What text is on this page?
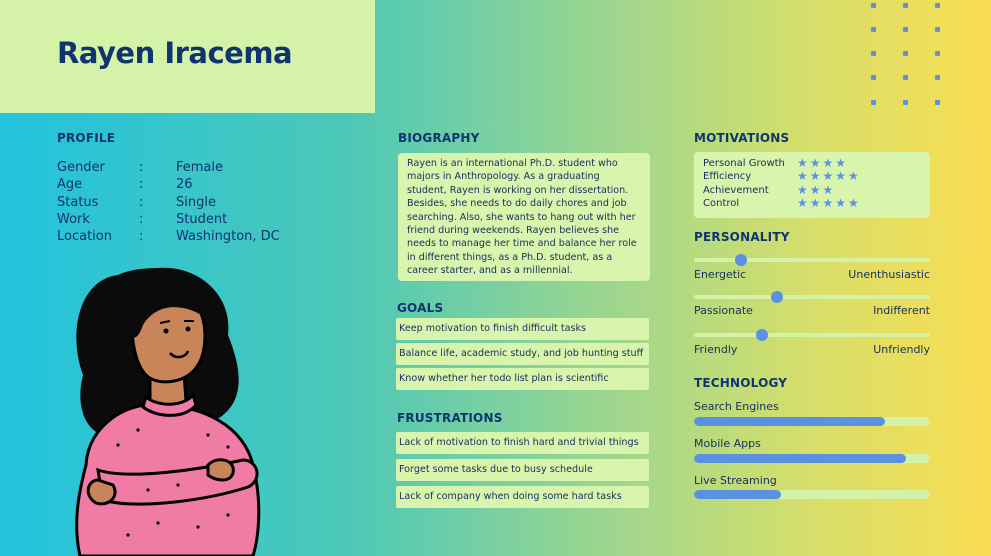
Rayen Iracema
PROFILE
Gender	:	Female
Age	:	26
Status	:	Single
Work	:	Student
Location	:	Washington, DC
BIOGRAPHY
Rayen is an international Ph.D. student who majors in Anthropology. As a graduating student, Rayen is working on her dissertation. Besides, she needs to do daily chores and job searching. Also, she wants to hang out with her friend during weekends. Rayen believes she needs to manage her time and balance her role in different things, as a Ph.D. student, as a career starter, and as a millennial.
GOALS
Keep motivation to finish difficult tasks
Balance life, academic study, and job hunting stuff
Know whether her todo list plan is scientific
FRUSTRATIONS
Lack of motivation to finish hard and trivial things
Forget some tasks due to busy schedule
Lack of company when doing some hard tasks
MOTIVATIONS
Personal Growth	★★★★
Efficiency	★★★★★
Achievement	★★★
Control	★★★★★
PERSONALITY
Energetic	Unenthusiastic
Passionate	Indifferent
Friendly	Unfriendly
TECHNOLOGY
Search Engines
Mobile Apps
Live Streaming
